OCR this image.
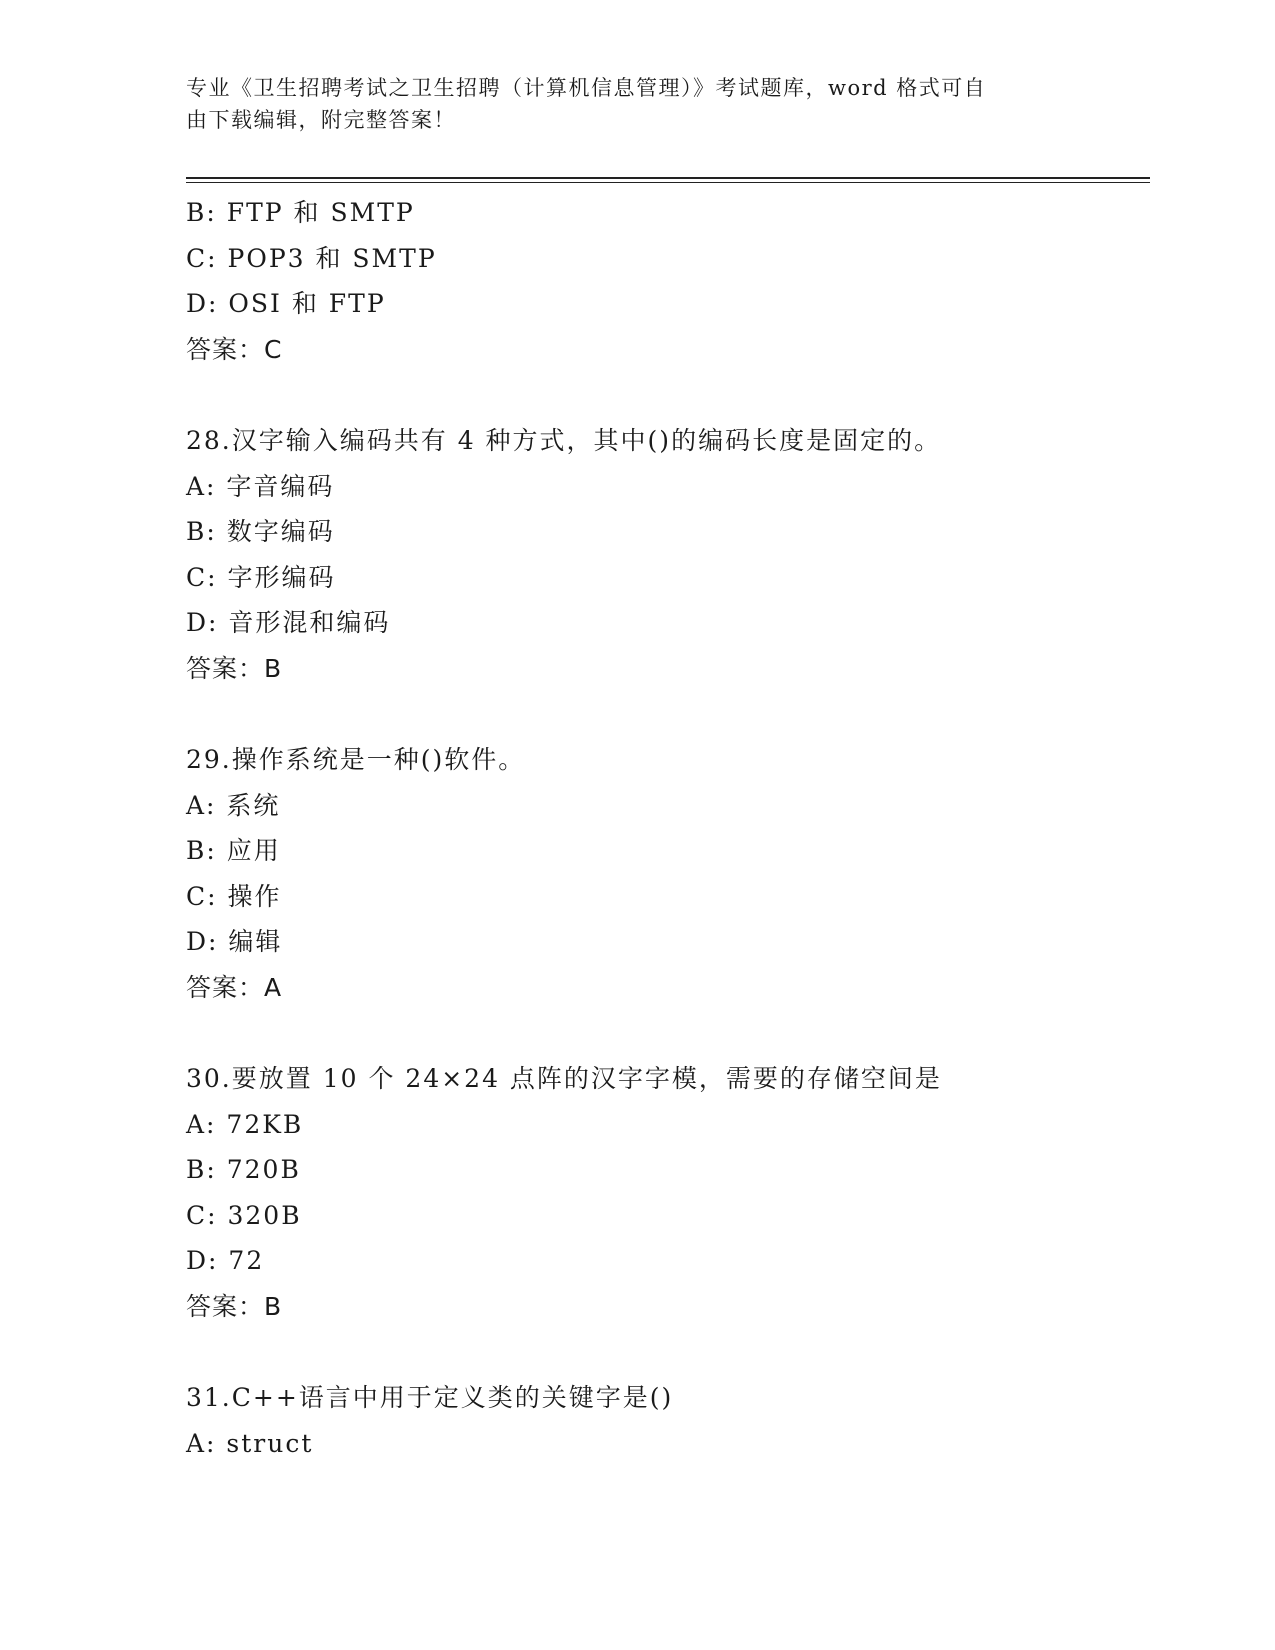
专业《卫生招聘考试之卫生招聘（计算机信息管理）》考试题库，word 格式可自
由下载编辑，附完整答案！
B: FTP 和 SMTP
C: POP3 和 SMTP
D: OSI 和 FTP
答案：C
28.汉字输入编码共有 4 种方式，其中()的编码长度是固定的。
A: 字音编码
B: 数字编码
C: 字形编码
D: 音形混和编码
答案：B
29.操作系统是一种()软件。
A: 系统
B: 应用
C: 操作
D: 编辑
答案：A
30.要放置 10 个 24×24 点阵的汉字字模，需要的存储空间是
A: 72KB
B: 720B
C: 320B
D: 72
答案：B
31.C++语言中用于定义类的关键字是()
A: struct
